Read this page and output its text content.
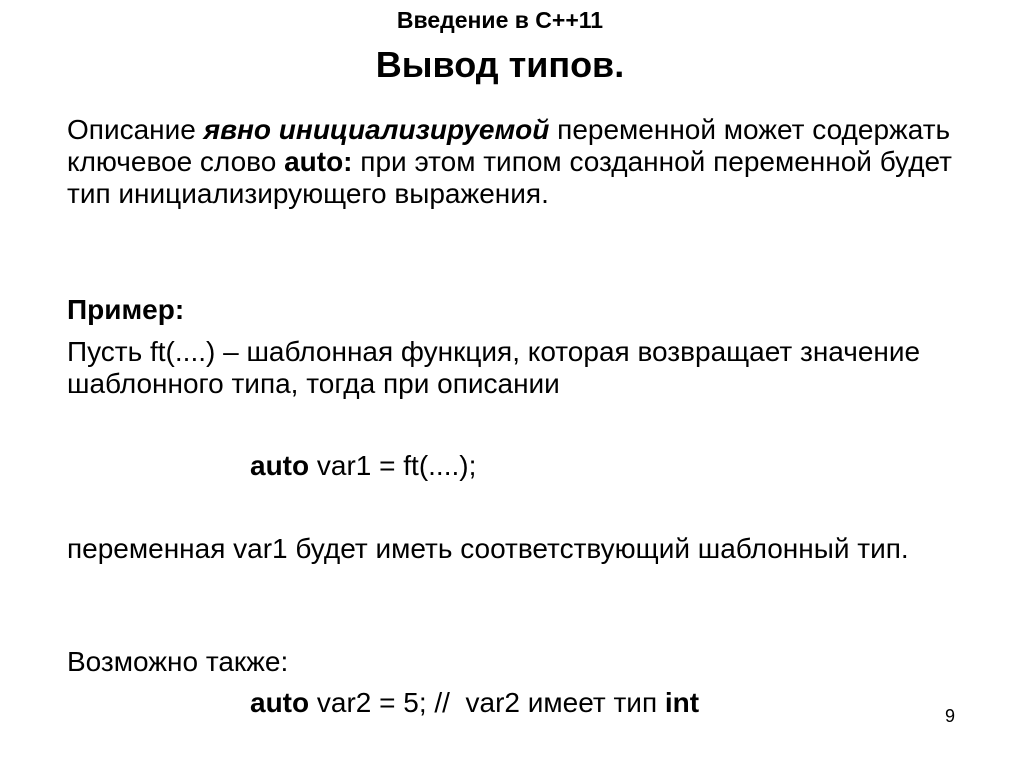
Введение в С++11
Вывод типов.

Описание явно инициализируемой переменной может содержать ключевое слово auto: при этом типом созданной переменной будет тип инициализирующего выражения.

Пример:

Пусть ft(....) – шаблонная функция, которая возвращает значение шаблонного типа, тогда при описании

auto var1 = ft(....);

переменная var1 будет иметь соответствующий шаблонный тип.

Возможно также:

auto var2 = 5; //  var2 имеет тип int	9
